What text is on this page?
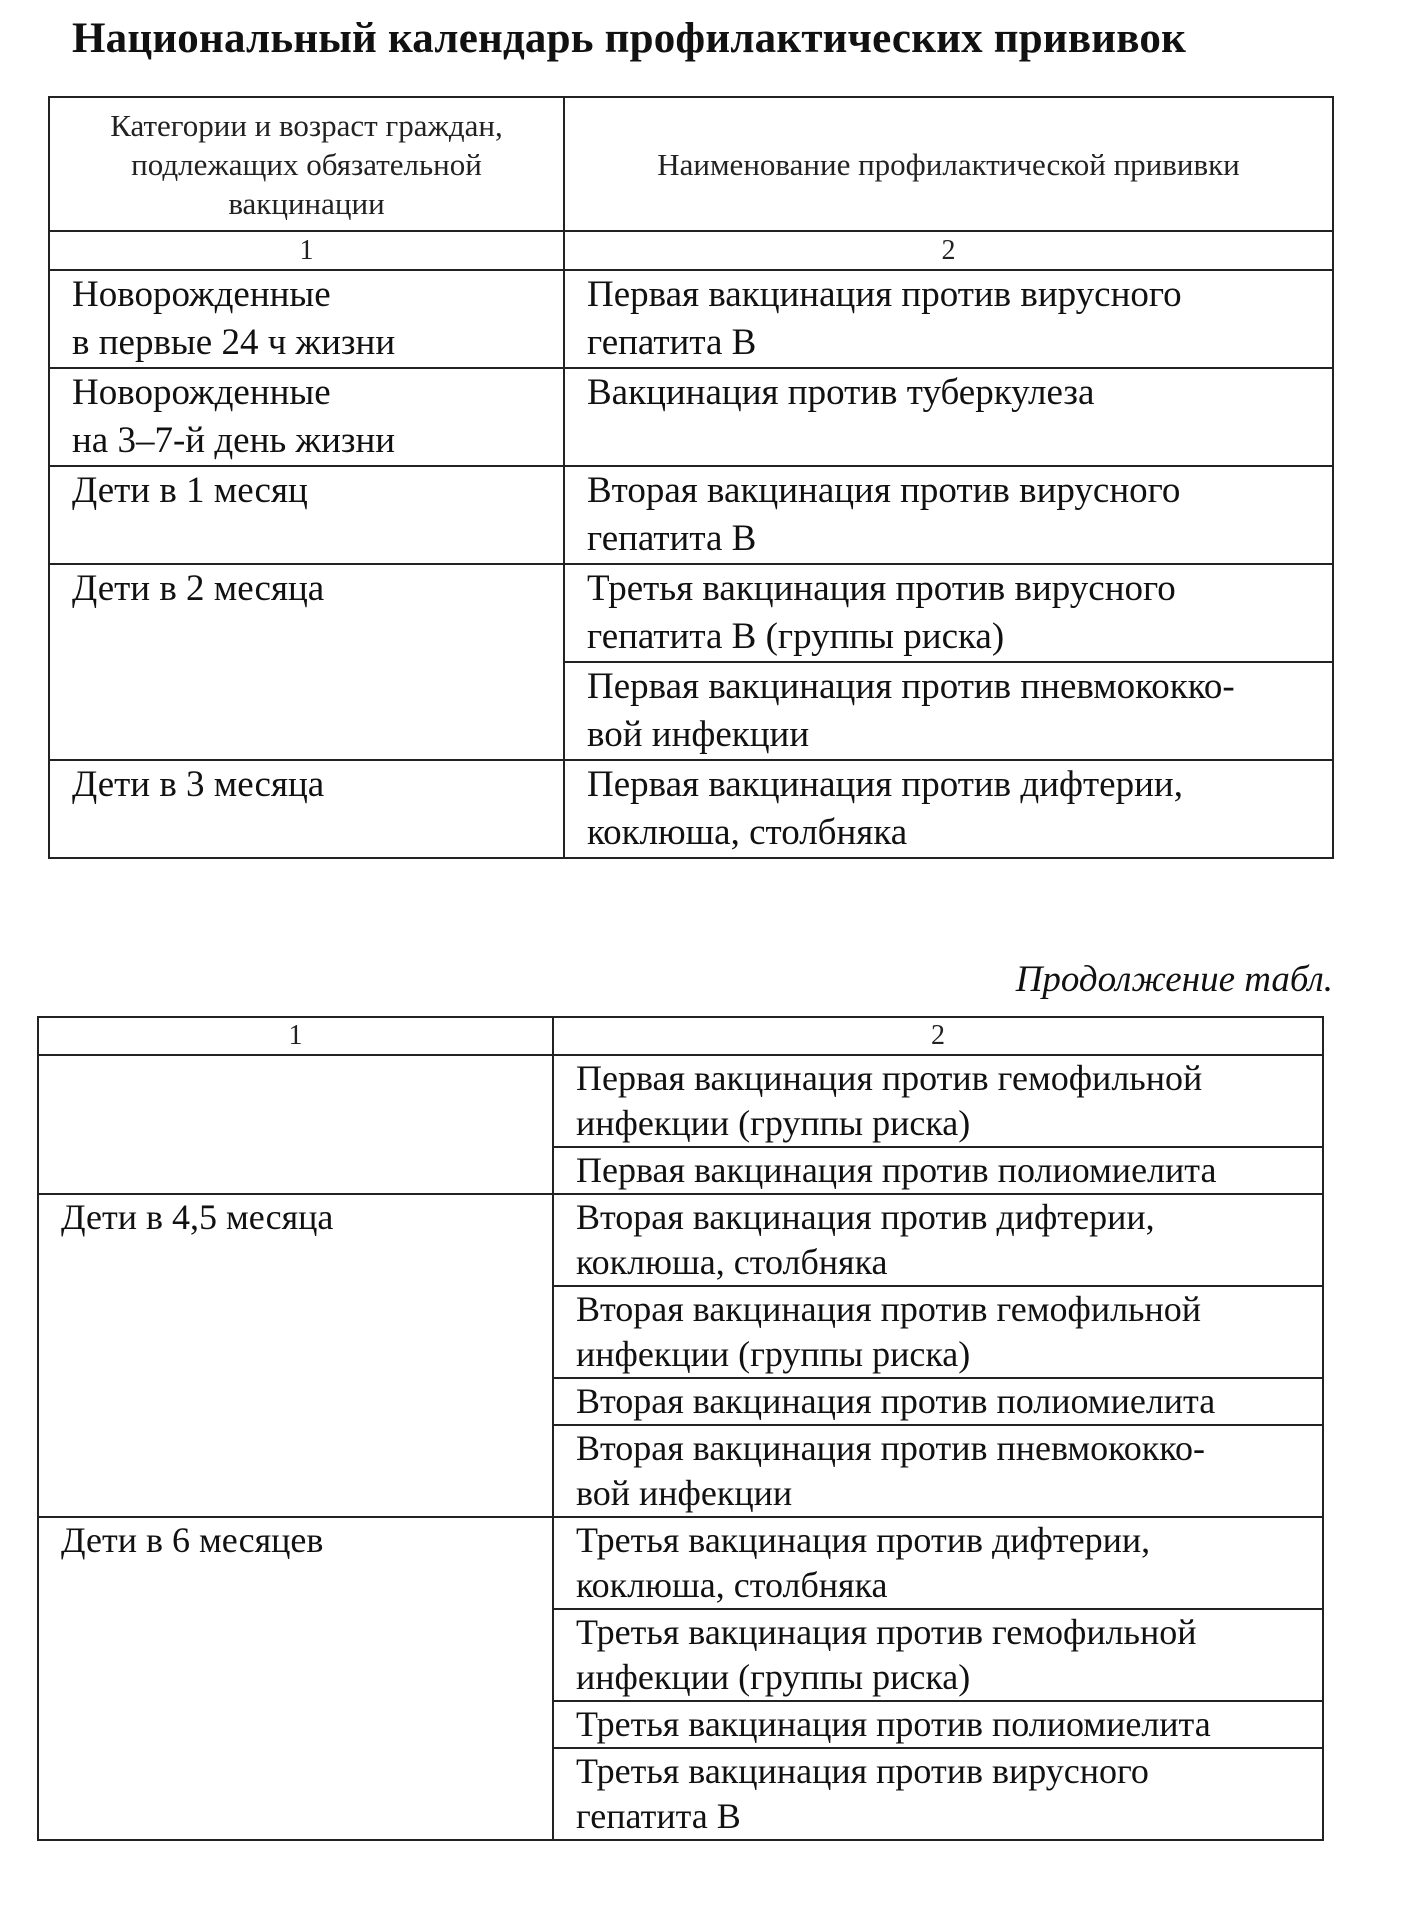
Национальный календарь профилактических прививок
Категории и возраст граждан,
подлежащих обязательной
вакцинации	Наименование профилактической прививки
1	2

Новорожденные
в первые 24 ч жизни	Первая вакцинация против вирусного
гепатита В

Новорожденные
на 3–7-й день жизни	Вакцинация против туберкулеза

Дети в 1 месяц	Вторая вакцинация против вирусного
гепатита В

Дети в 2 месяца	Третья вакцинация против вирусного
гепатита В (группы риска)

	Первая вакцинация против пневмококко-
вой инфекции

Дети в 3 месяца	Первая вакцинация против дифтерии,
коклюша, столбняка
Продолжение табл.
1	2

	Первая вакцинация против гемофильной
инфекции (группы риска)

	Первая вакцинация против полиомиелита

Дети в 4,5 месяца	Вторая вакцинация против дифтерии,
коклюша, столбняка

	Вторая вакцинация против гемофильной
инфекции (группы риска)

	Вторая вакцинация против полиомиелита

	Вторая вакцинация против пневмококко-
вой инфекции

Дети в 6 месяцев	Третья вакцинация против дифтерии,
коклюша, столбняка

	Третья вакцинация против гемофильной
инфекции (группы риска)

	Третья вакцинация против полиомиелита

	Третья вакцинация против вирусного
гепатита В
